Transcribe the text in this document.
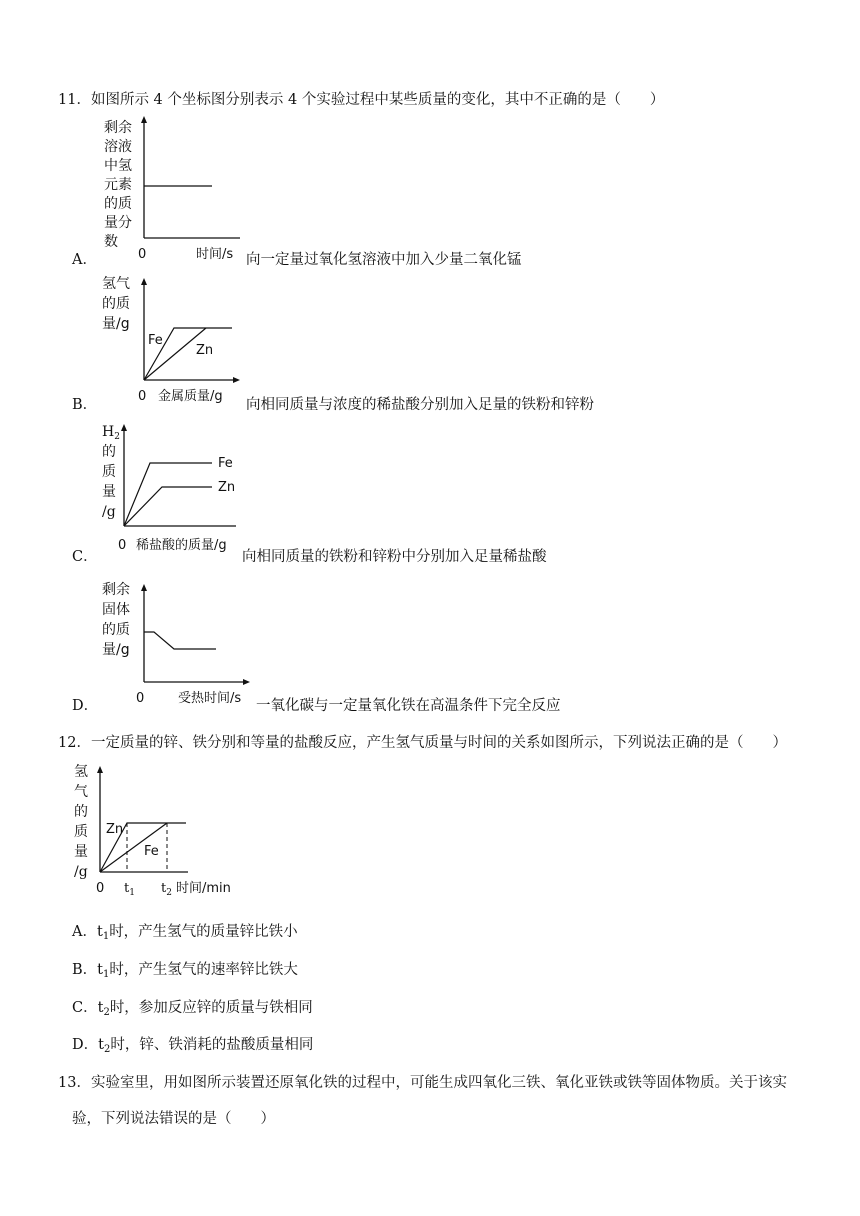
11．如图所示 4 个坐标图分别表示 4 个实验过程中某些质量的变化，其中不正确的是（　　）
剩余
溶液
中氢
元素
的质
量分
数
0	时间/s
A．	向一定量过氧化氢溶液中加入少量二氧化锰
氢气
的质
量/g
Fe
Zn
0 金属质量/g
B．	向相同质量与浓度的稀盐酸分别加入足量的铁粉和锌粉
$H_2$
的
质
量
/g
Fe
Zn
0 稀盐酸的质量/g
C．	向相同质量的铁粉和锌粉中分别加入足量稀盐酸
剩余
固体
的质
量/g
0	受热时间/s
D．	一氧化碳与一定量氧化铁在高温条件下完全反应
12．一定质量的锌、铁分别和等量的盐酸反应，产生氢气质量与时间的关系如图所示，下列说法正确的是（　　）
氢
气
的
质
量
/g
Zn
Fe
0 $t_1$ $t_2$ 时间/min
A．$t_1$时，产生氢气的质量锌比铁小
B．$t_1$时，产生氢气的速率锌比铁大
C．$t_2$时，参加反应锌的质量与铁相同
D．$t_2$时，锌、铁消耗的盐酸质量相同
13．实验室里，用如图所示装置还原氧化铁的过程中，可能生成四氧化三铁、氧化亚铁或铁等固体物质。关于该实
验，下列说法错误的是（　　）
